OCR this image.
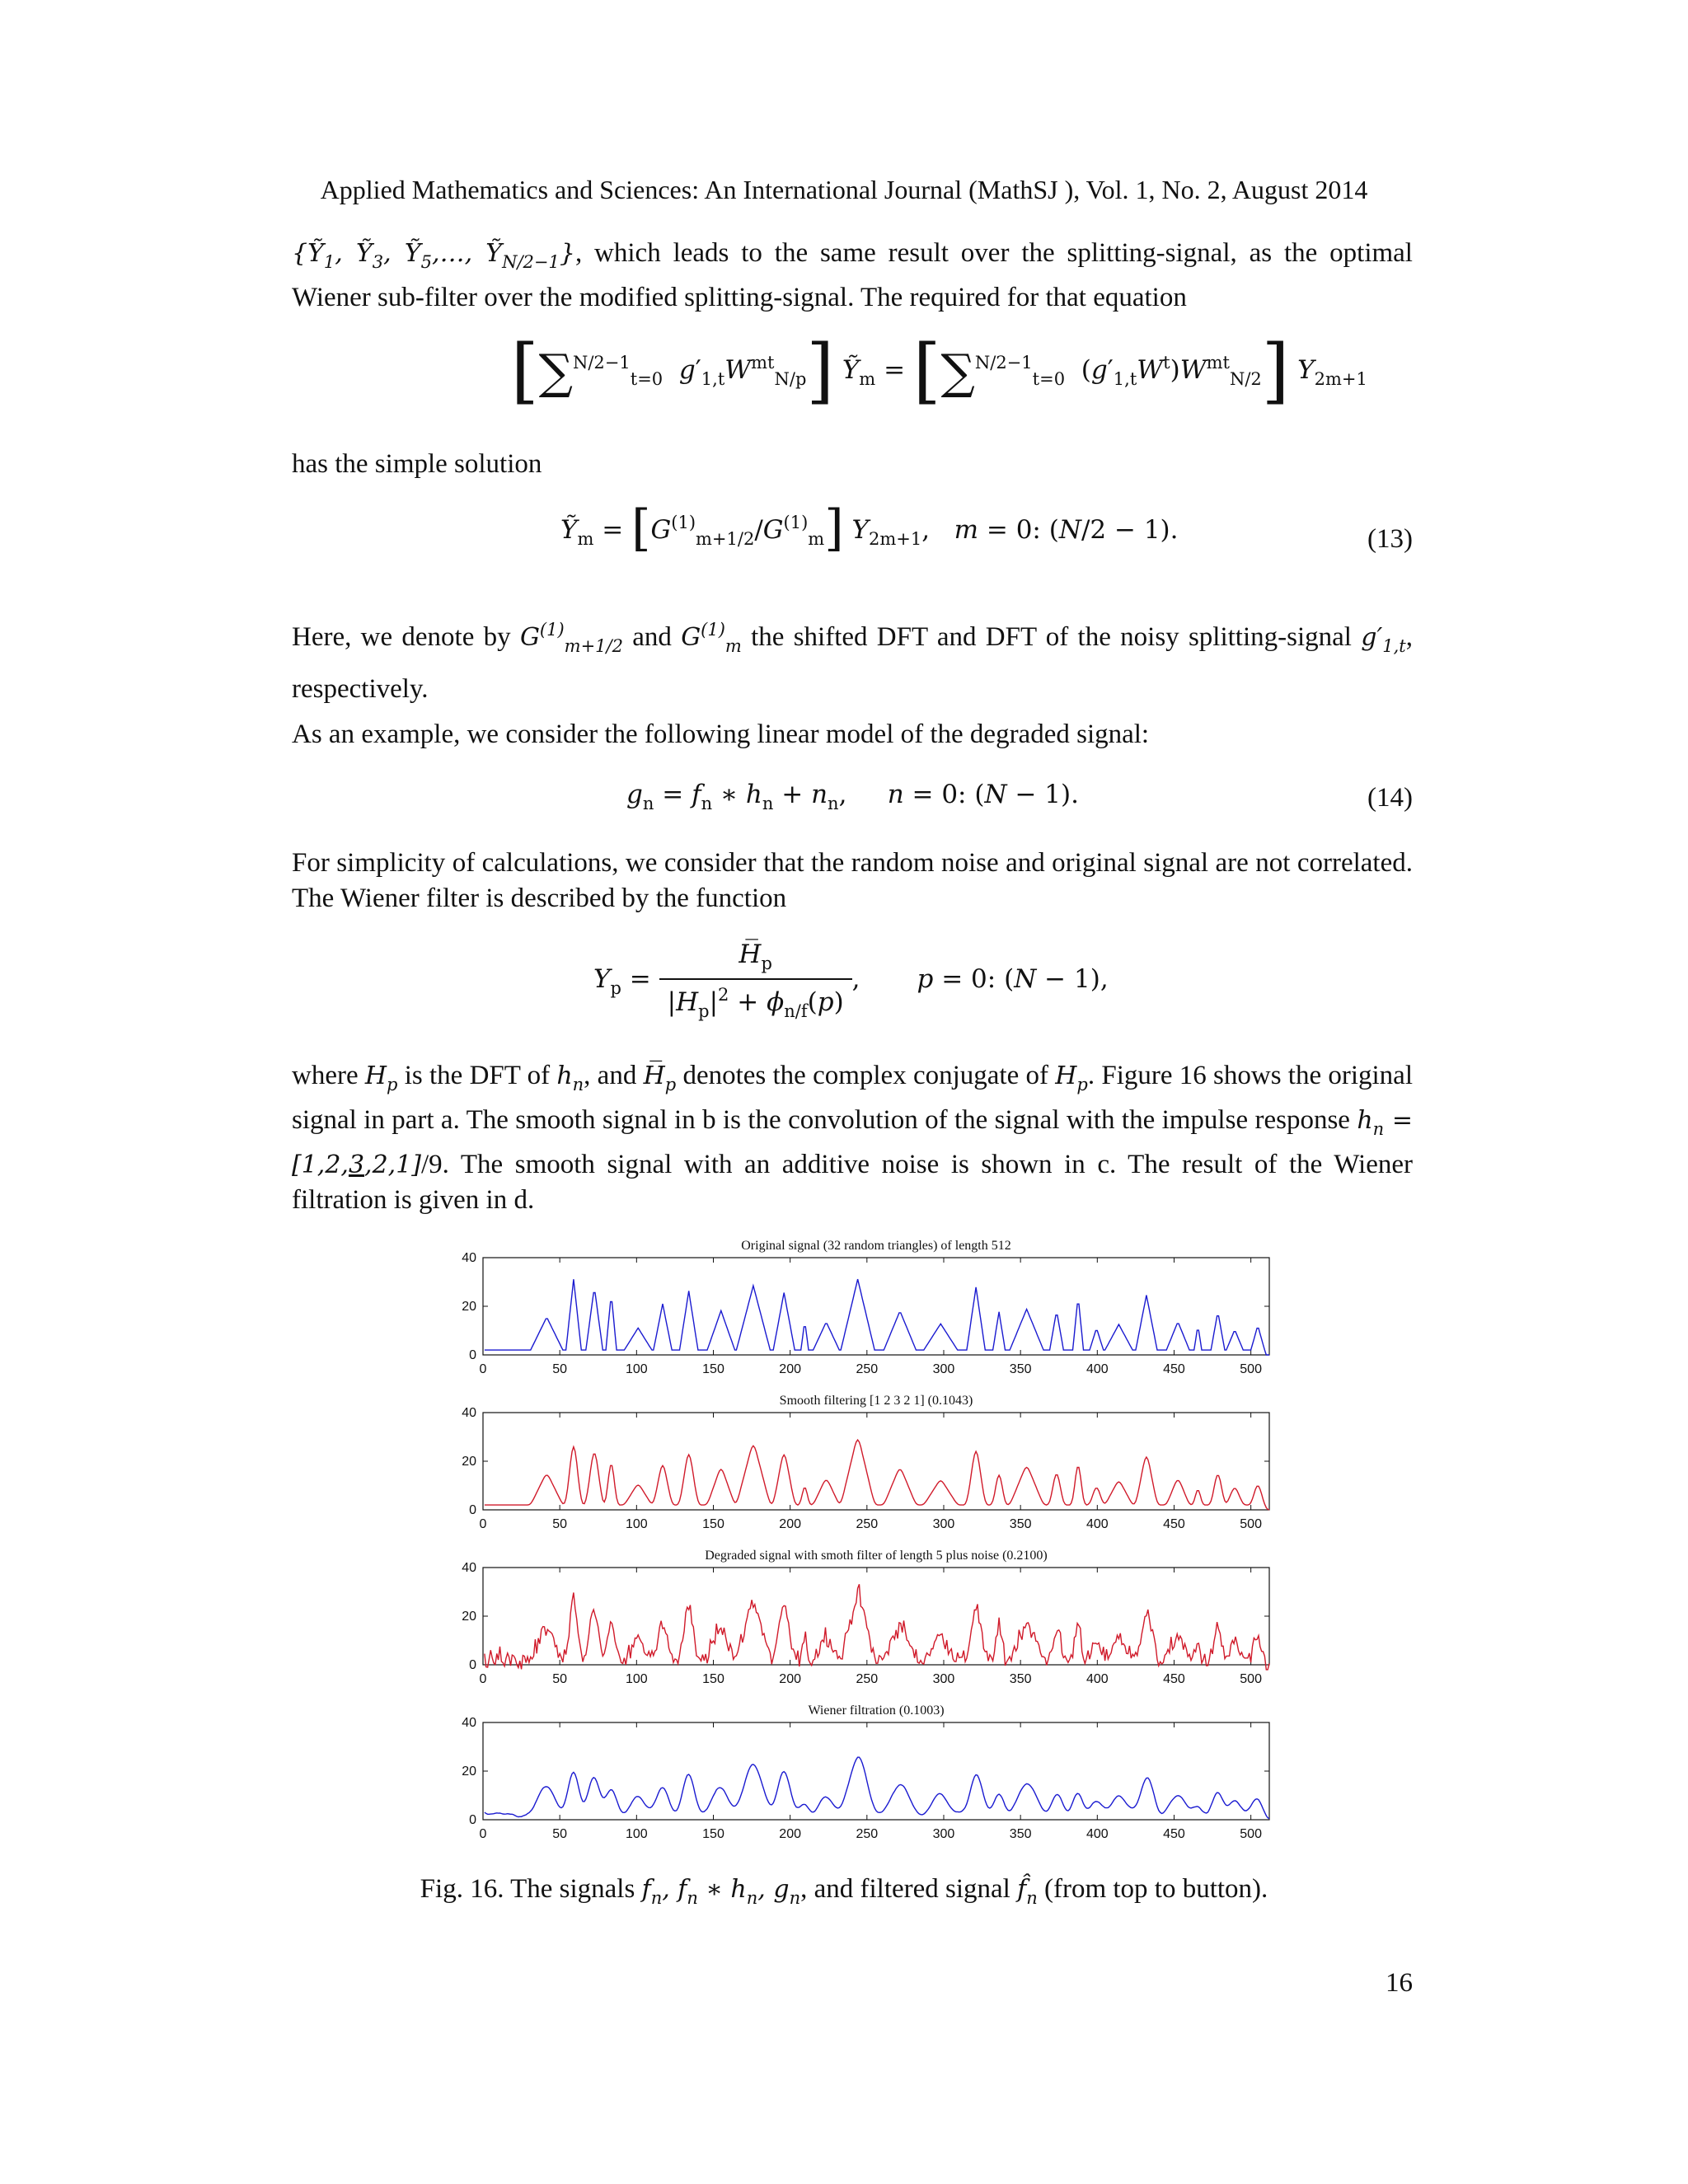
Applied Mathematics and Sciences: An International Journal (MathSJ ), Vol. 1, No. 2, August 2014
{Ỹ$_1$, Ỹ$_3$, Ỹ$_5$,…, Ỹ$_{N/2-1}$}, which leads to the same result over the splitting-signal, as the optimal Wiener sub-filter over the modified splitting-signal. The required for that equation
[∑$^{N/2-1}_{t=0}$ $g'_{1,t}W^{mt}_{N/p}$] Ỹ$_m$ = [∑$^{N/2-1}_{t=0}$  $(g'_{1,t}W^t)W^{mt}_{N/2}$] $Y_{2m+1}$
has the simple solution
Ỹ$_m$ = $[G^{(1)}_{m+1/2}/G^{(1)}_m]$ $Y_{2m+1}$,   m = 0: (N/2 − 1).	(13)
Here, we denote by $G^{(1)}_{m+1/2}$ and $G^{(1)}_m$ the shifted DFT and DFT of the noisy splitting-signal $g'_{1,t}$, respectively.
As an example, we consider the following linear model of the degraded signal:
$g_n = f_n$ ∗ $h_n + n_n$,     n = 0: (N − 1).	(14)
For simplicity of calculations, we consider that the random noise and original signal are not correlated. The Wiener filter is described by the function
$Y_p = \frac{H̅_p}{|H_p|^2 + \phi_{n/f}(p)}$ ,       p = 0: (N − 1),
where $H_p$ is the DFT of $h_n$, and $H̅_p$ denotes the complex conjugate of $H_p$. Figure 16 shows the original signal in part a. The smooth signal in b is the convolution of the signal with the impulse response $h_n = [1,2,3,2,1]/9$. The smooth signal with an additive noise is shown in c. The result of the Wiener filtration is given in d.
Original signal (32 random triangles) of length 512
0	50	100	150	200	250	300	350	400	450	500
0
20
40
Smooth filtering [1 2 3 2 1] (0.1043)
0	50	100	150	200	250	300	350	400	450	500
0
20
40
Degraded signal with smoth filter of length 5 plus noise (0.2100)
0	50	100	150	200	250	300	350	400	450	500
0
20
40
Wiener filtration (0.1003)
0	50	100	150	200	250	300	350	400	450	500
0
20
40
Fig. 16. The signals $f_n$, $f_n$ ∗ $h_n$, $g_n$, and filtered signal $f̂_n$ (from top to button).
16
